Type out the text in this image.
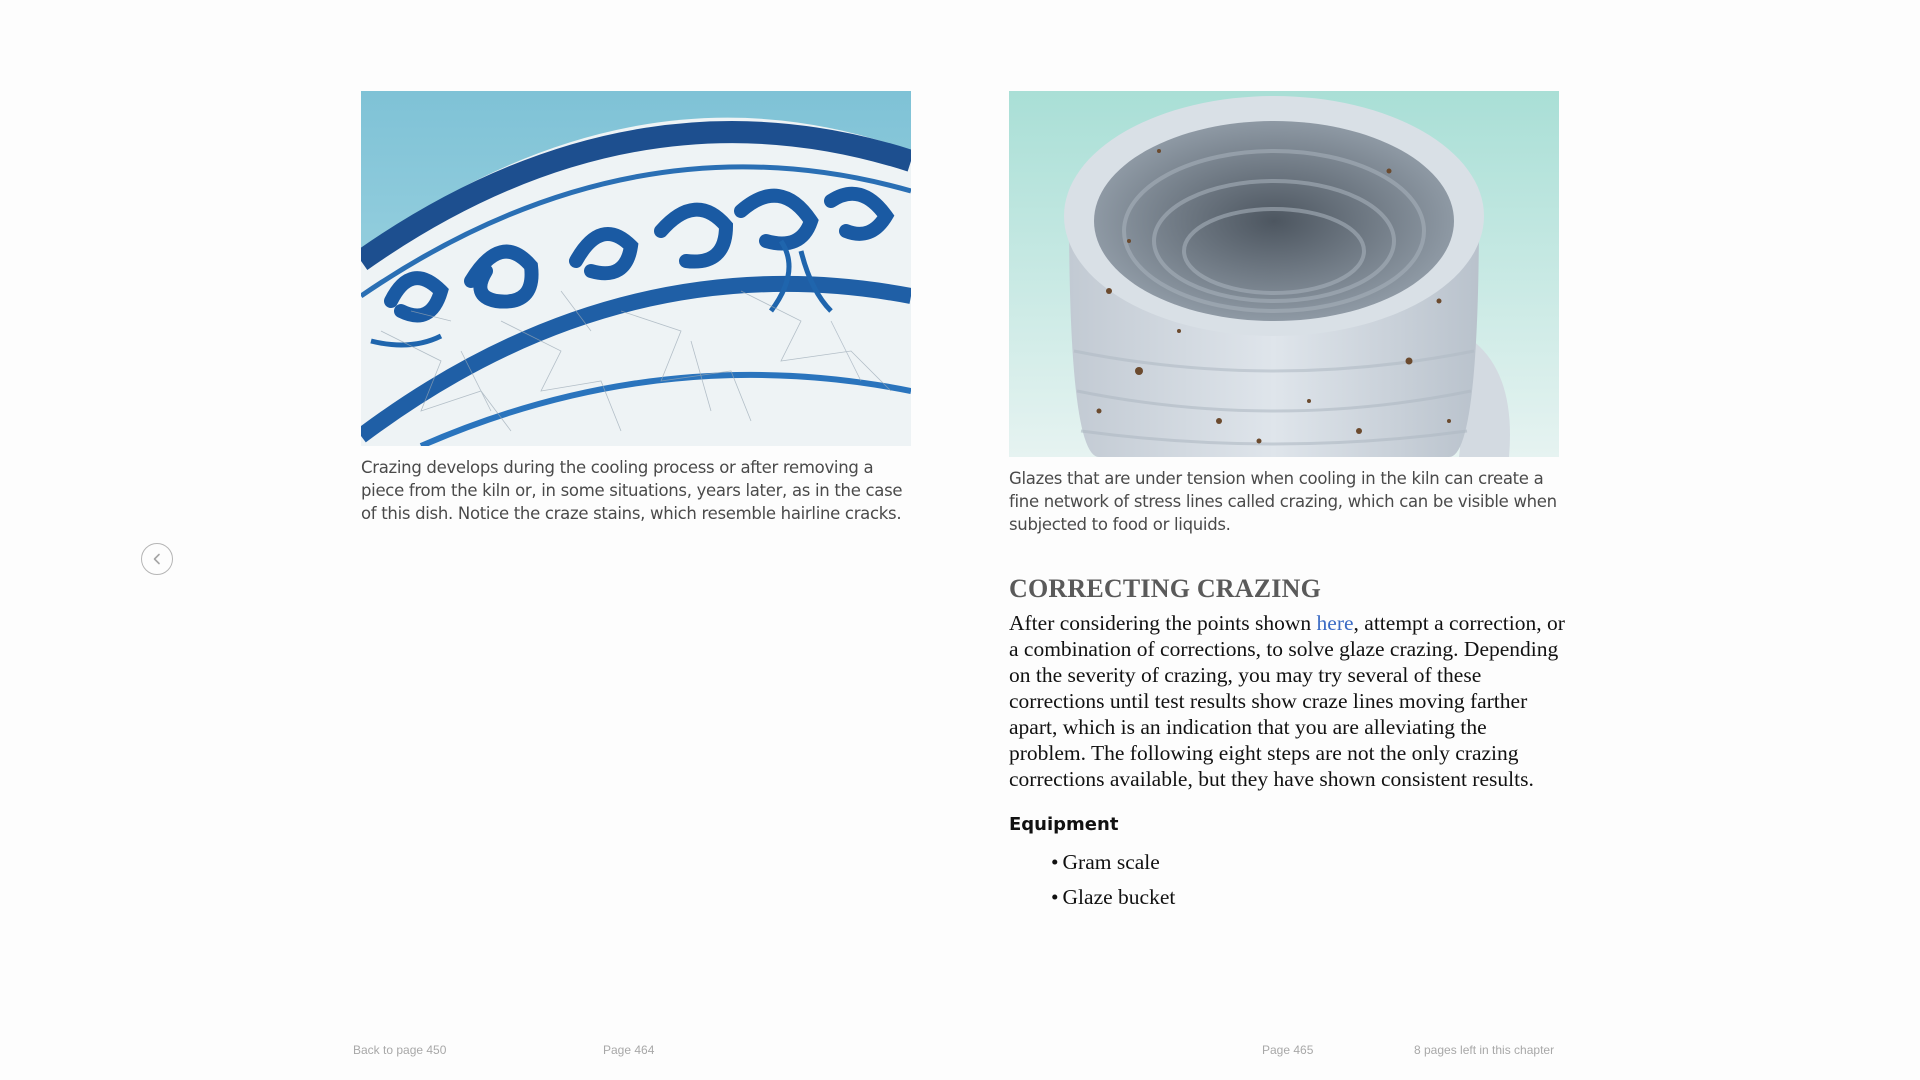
Crazing develops during the cooling process or after removing a piece from the kiln or, in some situations, years later, as in the case of this dish. Notice the craze stains, which resemble hairline cracks.

Glazes that are under tension when cooling in the kiln can create a fine network of stress lines called crazing, which can be visible when subjected to food or liquids.

CORRECTING CRAZING

After considering the points shown here, attempt a correction, or a combination of corrections, to solve glaze crazing. Depending on the severity of crazing, you may try several of these corrections until test results show craze lines moving farther apart, which is an indication that you are alleviating the problem. The following eight steps are not the only crazing corrections available, but they have shown consistent results.

Equipment
• Gram scale
• Glaze bucket
Back to page 450	Page 464	Page 465	8 pages left in this chapter
